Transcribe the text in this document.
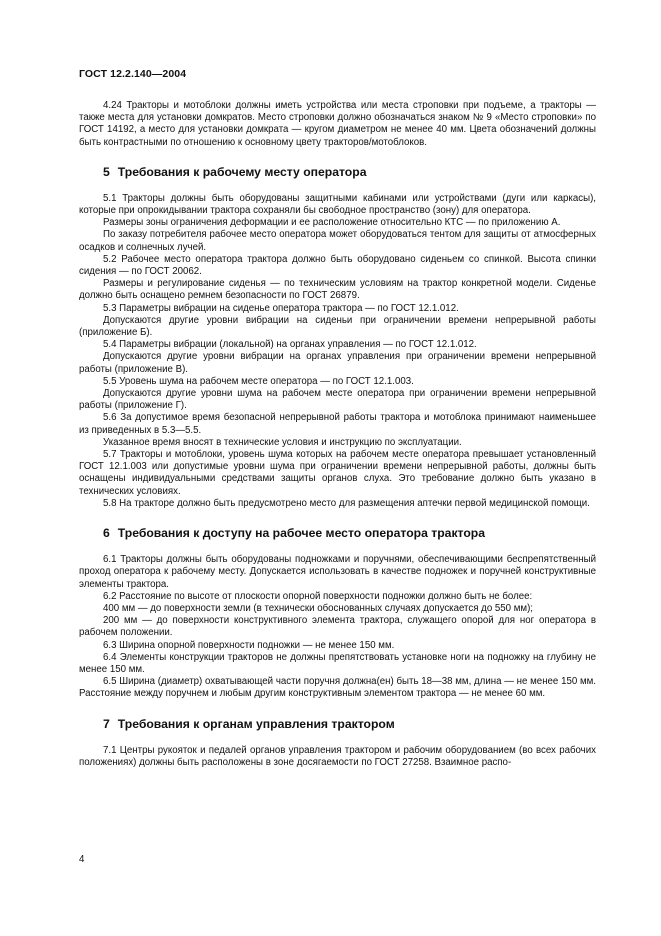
ГОСТ 12.2.140—2004

4.24 Тракторы и мотоблоки должны иметь устройства или места строповки при подъеме, а тракторы — также места для установки домкратов. Место строповки должно обозначаться знаком № 9 «Место строповки» по ГОСТ 14192, а место для установки домкрата — кругом диаметром не менее 40 мм. Цвета обозначений должны быть контрастными по отношению к основному цвету тракторов/мотоблоков.

5 Требования к рабочему месту оператора

5.1 Тракторы должны быть оборудованы защитными кабинами или устройствами (дуги или каркасы), которые при опрокидывании трактора сохраняли бы свободное пространство (зону) для оператора.

Размеры зоны ограничения деформации и ее расположение относительно КТС — по приложению А.

По заказу потребителя рабочее место оператора может оборудоваться тентом для защиты от атмосферных осадков и солнечных лучей.

5.2 Рабочее место оператора трактора должно быть оборудовано сиденьем со спинкой. Высота спинки сидения — по ГОСТ 20062.

Размеры и регулирование сиденья — по техническим условиям на трактор конкретной модели. Сиденье должно быть оснащено ремнем безопасности по ГОСТ 26879.

5.3 Параметры вибрации на сиденье оператора трактора — по ГОСТ 12.1.012.

Допускаются другие уровни вибрации на сиденьи при ограничении времени непрерывной работы (приложение Б).

5.4 Параметры вибрации (локальной) на органах управления — по ГОСТ 12.1.012.

Допускаются другие уровни вибрации на органах управления при ограничении времени непрерывной работы (приложение В).

5.5 Уровень шума на рабочем месте оператора — по ГОСТ 12.1.003.

Допускаются другие уровни шума на рабочем месте оператора при ограничении времени непрерывной работы (приложение Г).

5.6 За допустимое время безопасной непрерывной работы трактора и мотоблока принимают наименьшее из приведенных в 5.3—5.5.

Указанное время вносят в технические условия и инструкцию по эксплуатации.

5.7 Тракторы и мотоблоки, уровень шума которых на рабочем месте оператора превышает установленный ГОСТ 12.1.003 или допустимые уровни шума при ограничении времени непрерывной работы, должны быть оснащены индивидуальными средствами защиты органов слуха. Это требование должно быть указано в технических условиях.

5.8 На тракторе должно быть предусмотрено место для размещения аптечки первой медицинской помощи.

6 Требования к доступу на рабочее место оператора трактора

6.1 Тракторы должны быть оборудованы подножками и поручнями, обеспечивающими беспрепятственный проход оператора к рабочему месту. Допускается использовать в качестве подножек и поручней конструктивные элементы трактора.

6.2 Расстояние по высоте от плоскости опорной поверхности подножки должно быть не более:

400 мм — до поверхности земли (в технически обоснованных случаях допускается до 550 мм);

200 мм — до поверхности конструктивного элемента трактора, служащего опорой для ног оператора в рабочем положении.

6.3 Ширина опорной поверхности подножки — не менее 150 мм.

6.4 Элементы конструкции тракторов не должны препятствовать установке ноги на подножку на глубину не менее 150 мм.

6.5 Ширина (диаметр) охватывающей части поручня должна(ен) быть 18—38 мм, длина — не менее 150 мм. Расстояние между поручнем и любым другим конструктивным элементом трактора — не менее 60 мм.

7 Требования к органам управления трактором

7.1 Центры рукояток и педалей органов управления трактором и рабочим оборудованием (во всех рабочих положениях) должны быть расположены в зоне досягаемости по ГОСТ 27258. Взаимное распо-

4
